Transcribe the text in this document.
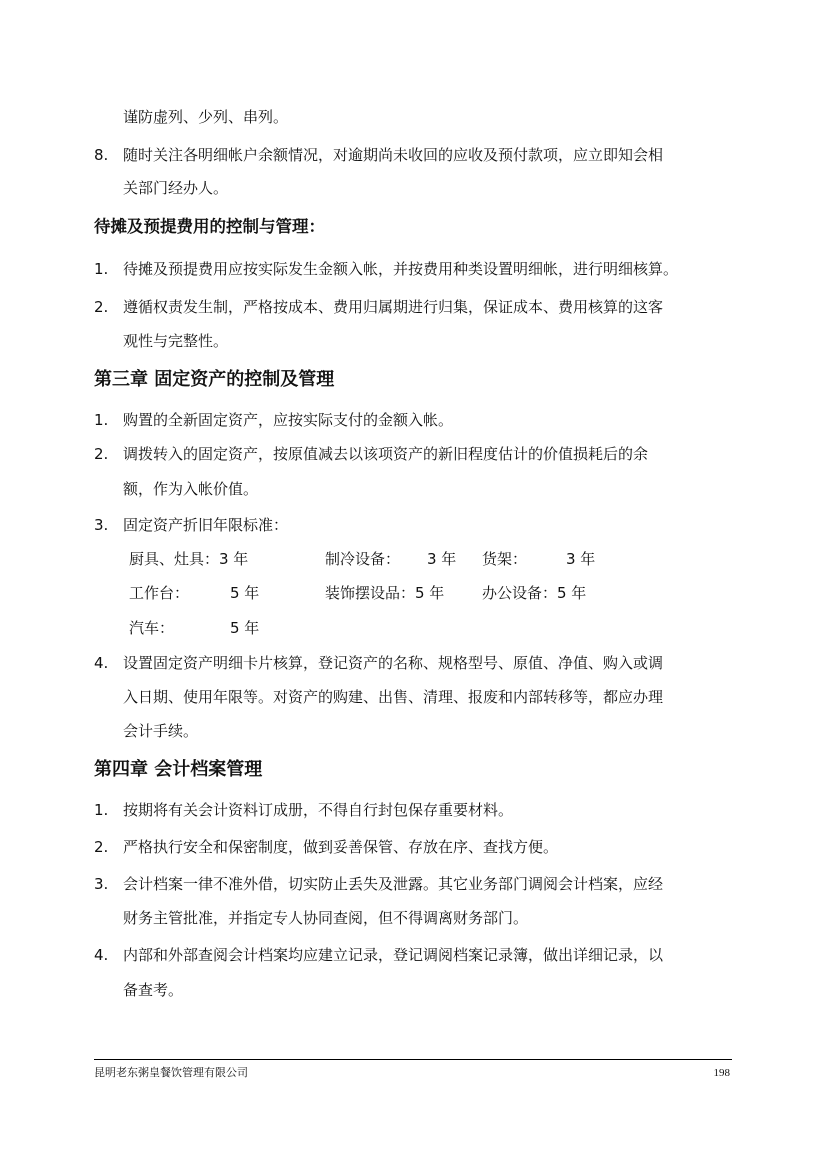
谨防虚列、少列、串列。
8. 随时关注各明细帐户余额情况，对逾期尚未收回的应收及预付款项，应立即知会相
关部门经办人。
待摊及预提费用的控制与管理：
1. 待摊及预提费用应按实际发生金额入帐，并按费用种类设置明细帐，进行明细核算。
2. 遵循权责发生制，严格按成本、费用归属期进行归集，保证成本、费用核算的这客
观性与完整性。
第三章 固定资产的控制及管理
1. 购置的全新固定资产，应按实际支付的金额入帐。
2. 调拨转入的固定资产，按原值减去以该项资产的新旧程度估计的价值损耗后的余
额，作为入帐价值。
3. 固定资产折旧年限标准：
厨具、灶具：3 年	制冷设备： 3 年 货架：	3 年
工作台：	5 年	装饰摆设品：5 年	办公设备：5 年
汽车：	5 年
4. 设置固定资产明细卡片核算，登记资产的名称、规格型号、原值、净值、购入或调
入日期、使用年限等。对资产的购建、出售、清理、报废和内部转移等，都应办理
会计手续。
第四章 会计档案管理
1. 按期将有关会计资料订成册，不得自行封包保存重要材料。
2. 严格执行安全和保密制度，做到妥善保管、存放在序、查找方便。
3. 会计档案一律不准外借，切实防止丢失及泄露。其它业务部门调阅会计档案，应经
财务主管批准，并指定专人协同查阅，但不得调离财务部门。
4. 内部和外部查阅会计档案均应建立记录，登记调阅档案记录簿，做出详细记录，以
备查考。
昆明老东粥皇餐饮管理有限公司	198
